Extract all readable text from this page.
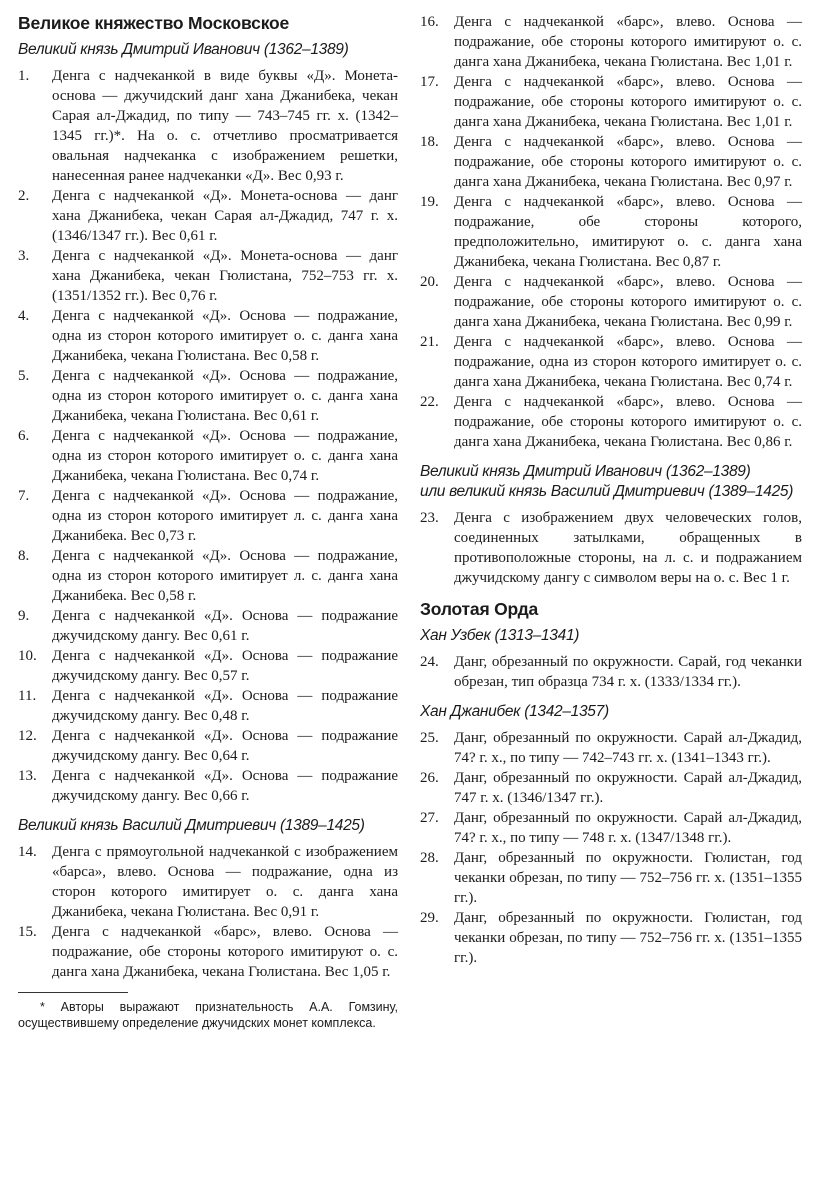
Великое княжество Московское
Великий князь Дмитрий Иванович (1362–1389)
1.	Денга с надчеканкой в виде буквы «Д». Монета-основа — джучидский данг хана Джанибека, чекан Сарая ал-Джадид, по типу — 743–745 гг. х. (1342–1345 гг.)*. На о. с. отчетливо просматривается овальная надчеканка с изображением решетки, нанесенная ранее надчеканки «Д». Вес 0,93 г.
2.	Денга с надчеканкой «Д». Монета-основа — данг хана Джанибека, чекан Сарая ал-Джадид, 747 г. х. (1346/1347 гг.). Вес 0,61 г.
3.	Денга с надчеканкой «Д». Монета-основа — данг хана Джанибека, чекан Гюлистана, 752–753 гг. х. (1351/1352 гг.). Вес 0,76 г.
4.	Денга с надчеканкой «Д». Основа — подражание, одна из сторон которого имитирует о. с. данга хана Джанибека, чекана Гюлистана. Вес 0,58 г.
5.	Денга с надчеканкой «Д». Основа — подражание, одна из сторон которого имитирует о. с. данга хана Джанибека, чекана Гюлистана. Вес 0,61 г.
6.	Денга с надчеканкой «Д». Основа — подражание, одна из сторон которого имитирует о. с. данга хана Джанибека, чекана Гюлистана. Вес 0,74 г.
7.	Денга с надчеканкой «Д». Основа — подражание, одна из сторон которого имитирует л. с. данга хана Джанибека. Вес 0,73 г.
8.	Денга с надчеканкой «Д». Основа — подражание, одна из сторон которого имитирует л. с. данга хана Джанибека. Вес 0,58 г.
9.	Денга с надчеканкой «Д». Основа — подражание джучидскому дангу. Вес 0,61 г.
10.	Денга с надчеканкой «Д». Основа — подражание джучидскому дангу. Вес 0,57 г.
11.	Денга с надчеканкой «Д». Основа — подражание джучидскому дангу. Вес 0,48 г.
12.	Денга с надчеканкой «Д». Основа — подражание джучидскому дангу. Вес 0,64 г.
13.	Денга с надчеканкой «Д». Основа — подражание джучидскому дангу. Вес 0,66 г.
Великий князь Василий Дмитриевич (1389–1425)
14.	Денга с прямоугольной надчеканкой с изображением «барса», влево. Основа — подражание, одна из сторон которого имитирует о. с. данга хана Джанибека, чекана Гюлистана. Вес 0,91 г.
15.	Денга с надчеканкой «барс», влево. Основа — подражание, обе стороны которого имитируют о. с. данга хана Джанибека, чекана Гюлистана. Вес 1,05 г.
* Авторы выражают признательность А.А. Гомзину, осуществившему определение джучидских монет комплекса.
16.	Денга с надчеканкой «барс», влево. Основа — подражание, обе стороны которого имитируют о. с. данга хана Джанибека, чекана Гюлистана. Вес 1,01 г.
17.	Денга с надчеканкой «барс», влево. Основа — подражание, обе стороны которого имитируют о. с. данга хана Джанибека, чекана Гюлистана. Вес 1,01 г.
18.	Денга с надчеканкой «барс», влево. Основа — подражание, обе стороны которого имитируют о. с. данга хана Джанибека, чекана Гюлистана. Вес 0,97 г.
19.	Денга с надчеканкой «барс», влево. Основа — подражание, обе стороны которого, предположительно, имитируют о. с. данга хана Джанибека, чекана Гюлистана. Вес 0,87 г.
20.	Денга с надчеканкой «барс», влево. Основа — подражание, обе стороны которого имитируют о. с. данга хана Джанибека, чекана Гюлистана. Вес 0,99 г.
21.	Денга с надчеканкой «барс», влево. Основа — подражание, одна из сторон которого имитирует о. с. данга хана Джанибека, чекана Гюлистана. Вес 0,74 г.
22.	Денга с надчеканкой «барс», влево. Основа — подражание, обе стороны которого имитируют о. с. данга хана Джанибека, чекана Гюлистана. Вес 0,86 г.
Великий князь Дмитрий Иванович (1362–1389)
или великий князь Василий Дмитриевич (1389–1425)
23.	Денга с изображением двух человеческих голов, соединенных затылками, обращенных в противоположные стороны, на л. с. и подражанием джучидскому дангу с символом веры на о. с. Вес 1 г.
Золотая Орда
Хан Узбек (1313–1341)
24.	Данг, обрезанный по окружности. Сарай, год чеканки обрезан, тип образца 734 г. х. (1333/1334 гг.).
Хан Джанибек (1342–1357)
25.	Данг, обрезанный по окружности. Сарай ал-Джадид, 74? г. х., по типу — 742–743 гг. х. (1341–1343 гг.).
26.	Данг, обрезанный по окружности. Сарай ал-Джадид, 747 г. х. (1346/1347 гг.).
27.	Данг, обрезанный по окружности. Сарай ал-Джадид, 74? г. х., по типу — 748 г. х. (1347/1348 гг.).
28.	Данг, обрезанный по окружности. Гюлистан, год чеканки обрезан, по типу — 752–756 гг. х. (1351–1355 гг.).
29.	Данг, обрезанный по окружности. Гюлистан, год чеканки обрезан, по типу — 752–756 гг. х. (1351–1355 гг.).
